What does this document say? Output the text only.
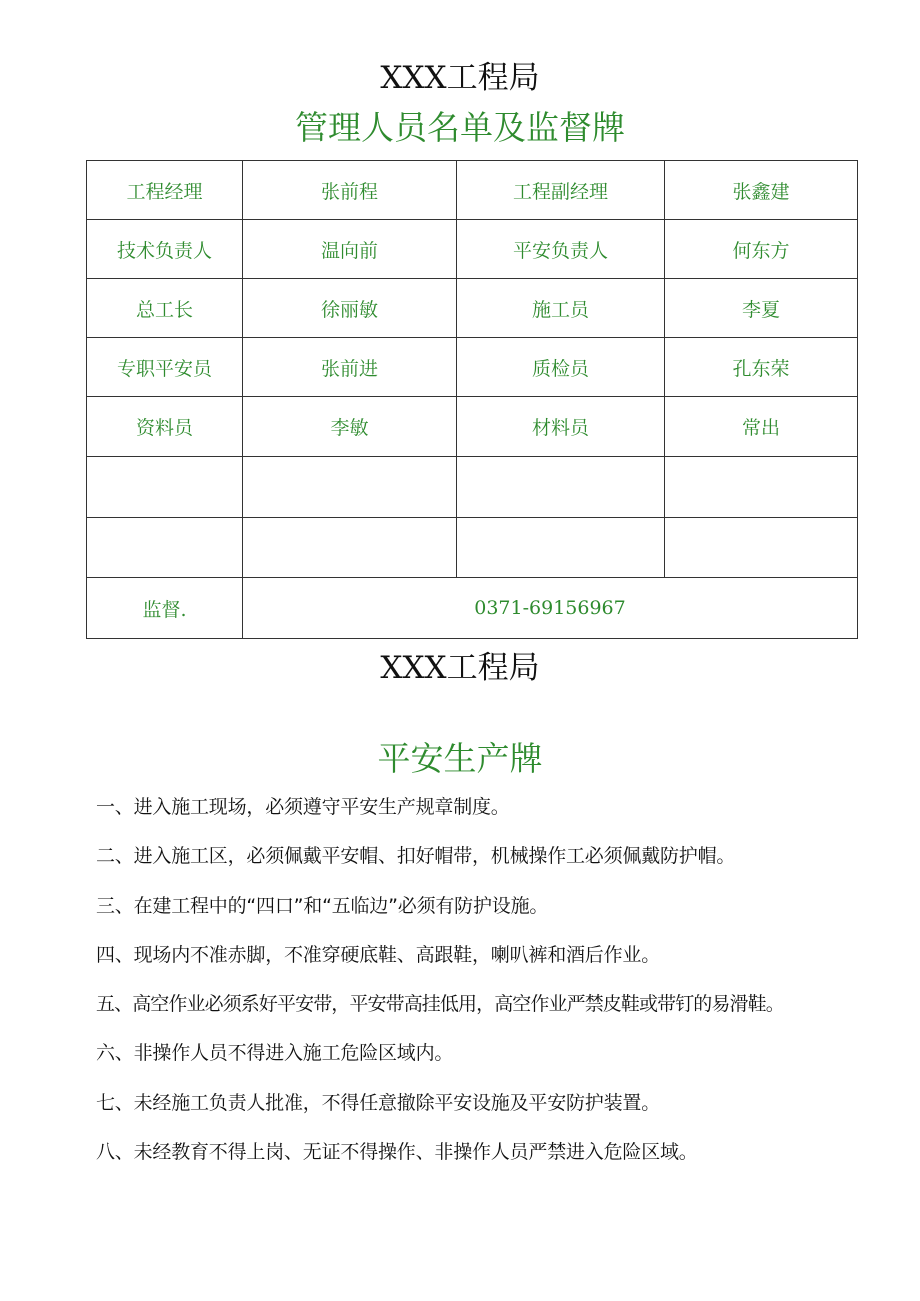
XXX工程局
管理人员名单及监督牌
工程经理	张前程	工程副经理	张鑫建
技术负责人	温向前	平安负责人	何东方
总工长	徐丽敏	施工员	李夏
专职平安员	张前进	质检员	孔东荣
资料员	李敏	材料员	常出

监督.	0371-69156967		
XXX工程局
平安生产牌
一、进入施工现场，必须遵守平安生产规章制度。
二、进入施工区，必须佩戴平安帽、扣好帽带，机械操作工必须佩戴防护帽。
三、在建工程中的“四口”和“五临边”必须有防护设施。
四、现场内不准赤脚，不准穿硬底鞋、高跟鞋，喇叭裤和酒后作业。
五、高空作业必须系好平安带，平安带高挂低用，高空作业严禁皮鞋或带钉的易滑鞋。
六、非操作人员不得进入施工危险区域内。
七、未经施工负责人批准，不得任意撤除平安设施及平安防护装置。
八、未经教育不得上岗、无证不得操作、非操作人员严禁进入危险区域。
